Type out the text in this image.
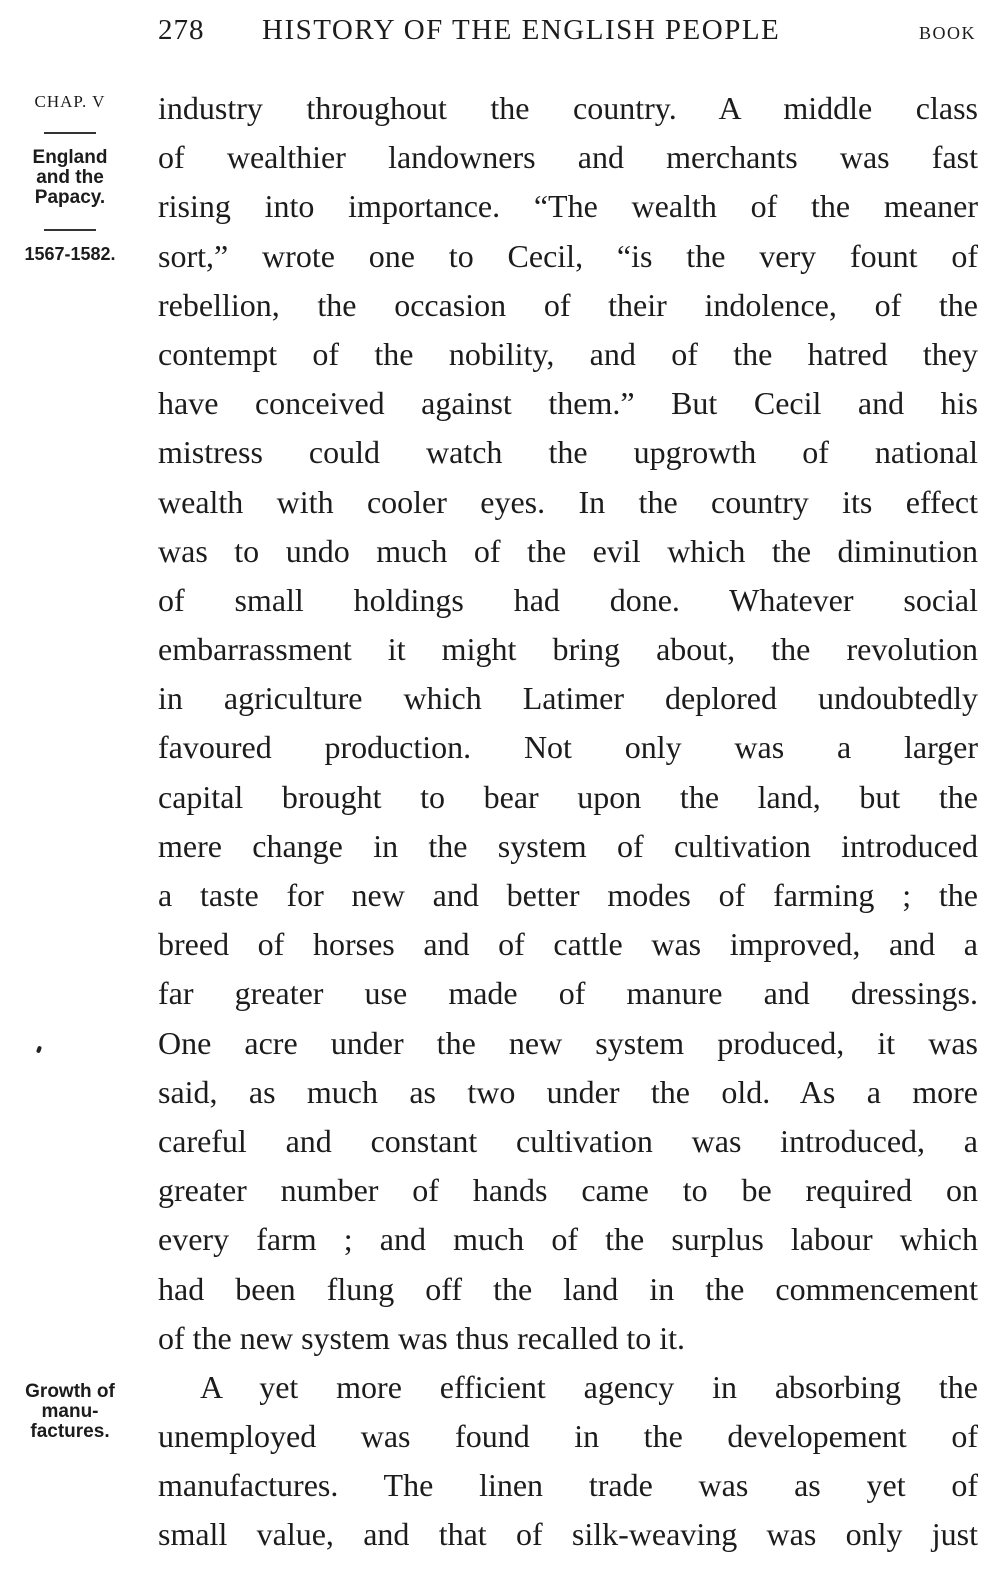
278 HISTORY OF THE ENGLISH PEOPLE	BOOK
CHAP. V
England
and the
Papacy.
1567-1582.
Growth of
manu-
factures.
industry throughout the country. A middle class
of wealthier landowners and merchants was fast
rising into importance. “The wealth of the meaner
sort,” wrote one to Cecil, “is the very fount of
rebellion, the occasion of their indolence, of the
contempt of the nobility, and of the hatred they
have conceived against them.” But Cecil and his
mistress could watch the upgrowth of national
wealth with cooler eyes. In the country its effect
was to undo much of the evil which the diminution
of small holdings had done. Whatever social
embarrassment it might bring about, the revolution
in agriculture which Latimer deplored undoubtedly
favoured production. Not only was a larger
capital brought to bear upon the land, but the
mere change in the system of cultivation introduced
a taste for new and better modes of farming ; the
breed of horses and of cattle was improved, and a
far greater use made of manure and dressings.
One acre under the new system produced, it was
said, as much as two under the old. As a more
careful and constant cultivation was introduced, a
greater number of hands came to be required on
every farm ; and much of the surplus labour which
had been flung off the land in the commencement
of the new system was thus recalled to it.
A yet more efficient agency in absorbing the
unemployed was found in the developement of
manufactures. The linen trade was as yet of
small value, and that of silk-weaving was only just
